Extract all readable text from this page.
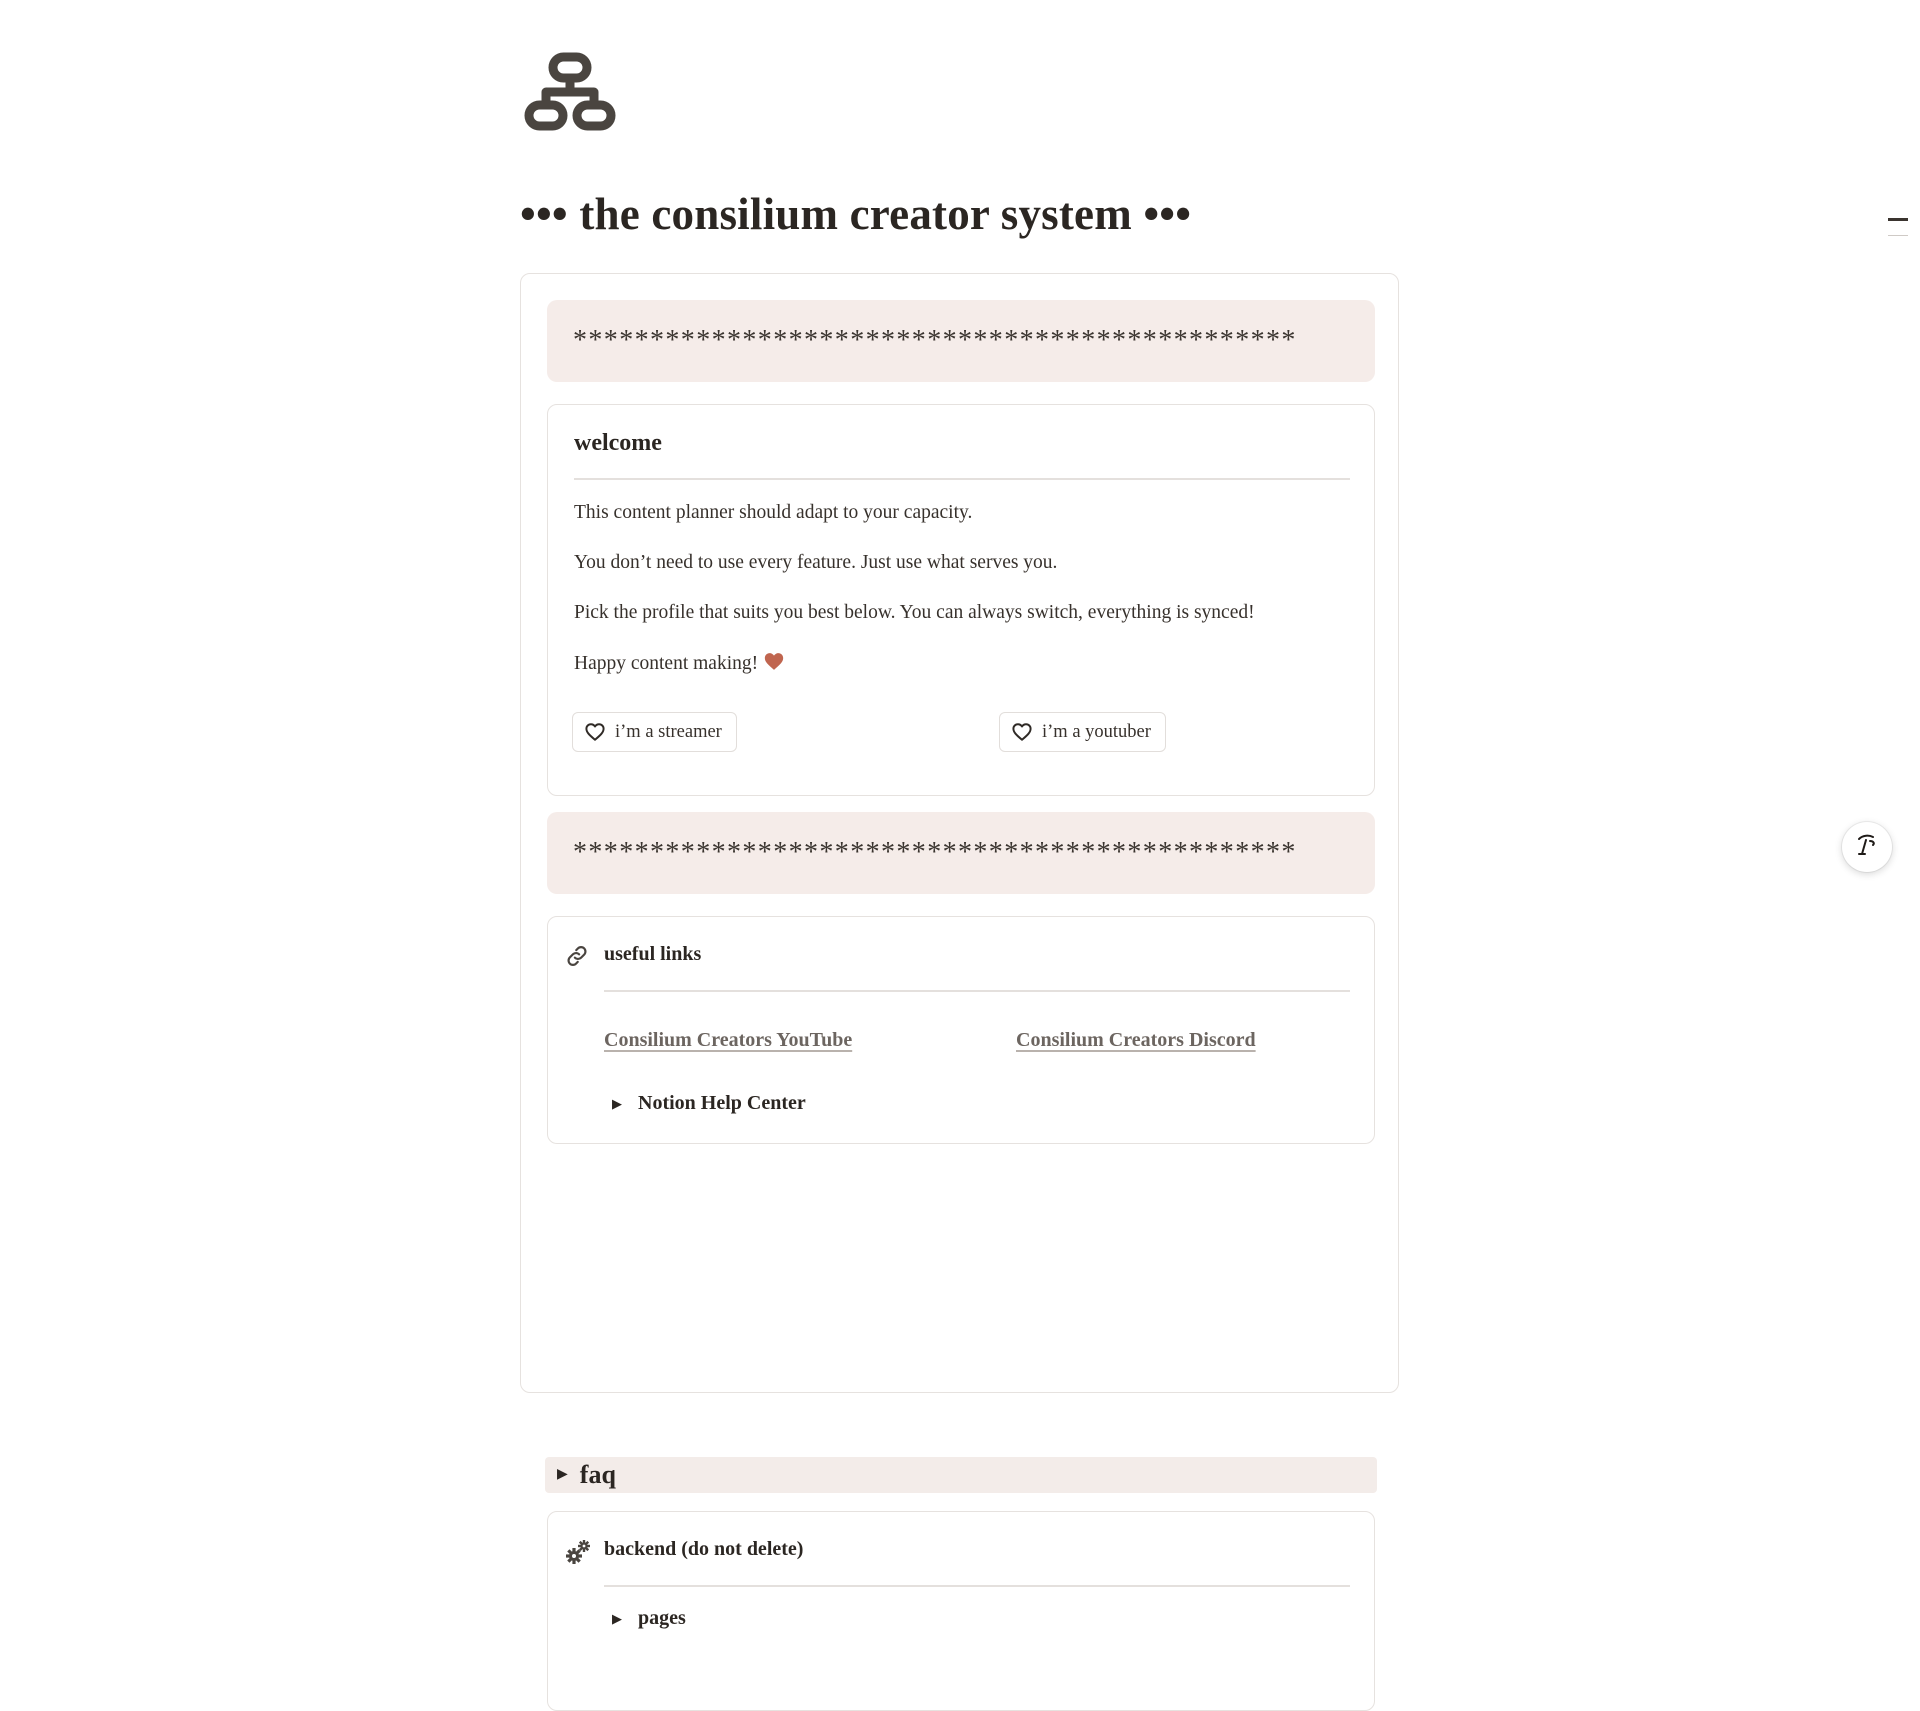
••• the consilium creator system •••
***********************************************
welcome
This content planner should adapt to your capacity.
You don’t need to use every feature. Just use what serves you.
Pick the profile that suits you best below. You can always switch, everything is synced!
Happy content making!
i’m a streamer	i’m a youtuber
***********************************************
useful links
Consilium Creators YouTube	Consilium Creators Discord
▶ Notion Help Center
▶ faq
backend (do not delete)
▶ pages
